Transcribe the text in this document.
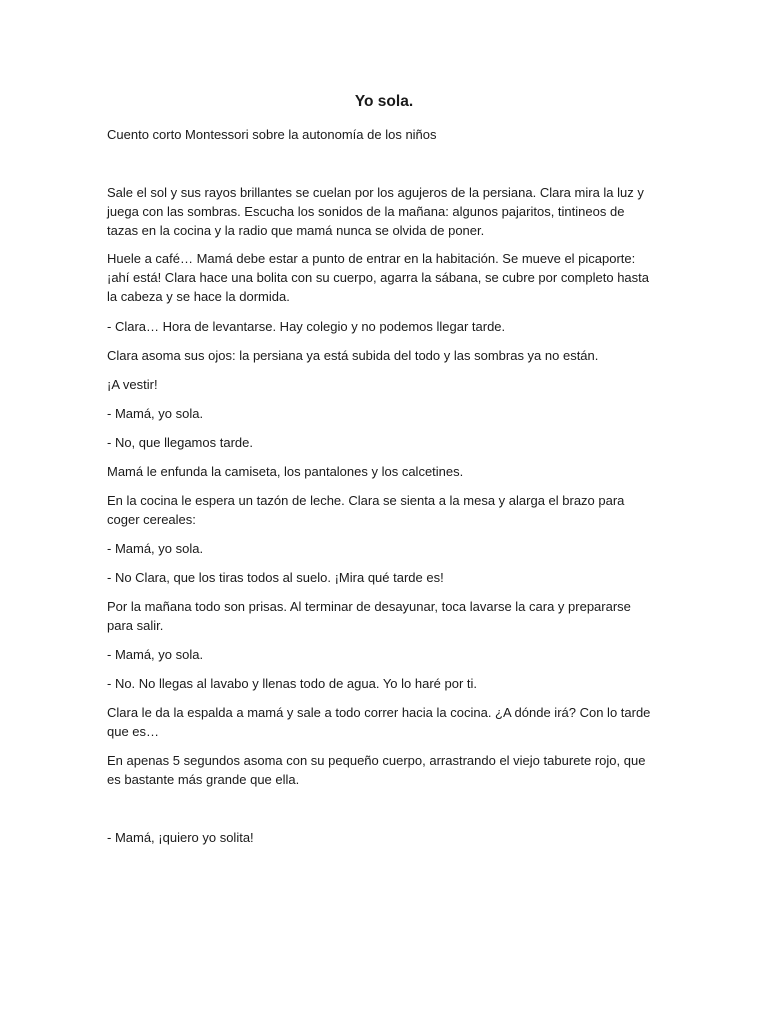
Yo sola.

Cuento corto Montessori sobre la autonomía de los niños

Sale el sol y sus rayos brillantes se cuelan por los agujeros de la persiana. Clara mira la luz y juega con las sombras. Escucha los sonidos de la mañana: algunos pajaritos, tintineos de tazas en la cocina y la radio que mamá nunca se olvida de poner.

Huele a café… Mamá debe estar a punto de entrar en la habitación. Se mueve el picaporte: ¡ahí está! Clara hace una bolita con su cuerpo, agarra la sábana, se cubre por completo hasta la cabeza y se hace la dormida.

- Clara… Hora de levantarse. Hay colegio y no podemos llegar tarde.

Clara asoma sus ojos: la persiana ya está subida del todo y las sombras ya no están.

¡A vestir!

- Mamá, yo sola.

- No, que llegamos tarde.

Mamá le enfunda la camiseta, los pantalones y los calcetines.

En la cocina le espera un tazón de leche. Clara se sienta a la mesa y alarga el brazo para coger cereales:

- Mamá, yo sola.

- No Clara, que los tiras todos al suelo. ¡Mira qué tarde es!

Por la mañana todo son prisas. Al terminar de desayunar, toca lavarse la cara y prepararse para salir.

- Mamá, yo sola.

- No. No llegas al lavabo y llenas todo de agua. Yo lo haré por ti.

Clara le da la espalda a mamá y sale a todo correr hacia la cocina. ¿A dónde irá? Con lo tarde que es…

En apenas 5 segundos asoma con su pequeño cuerpo, arrastrando el viejo taburete rojo, que es bastante más grande que ella.

- Mamá, ¡quiero yo solita!
